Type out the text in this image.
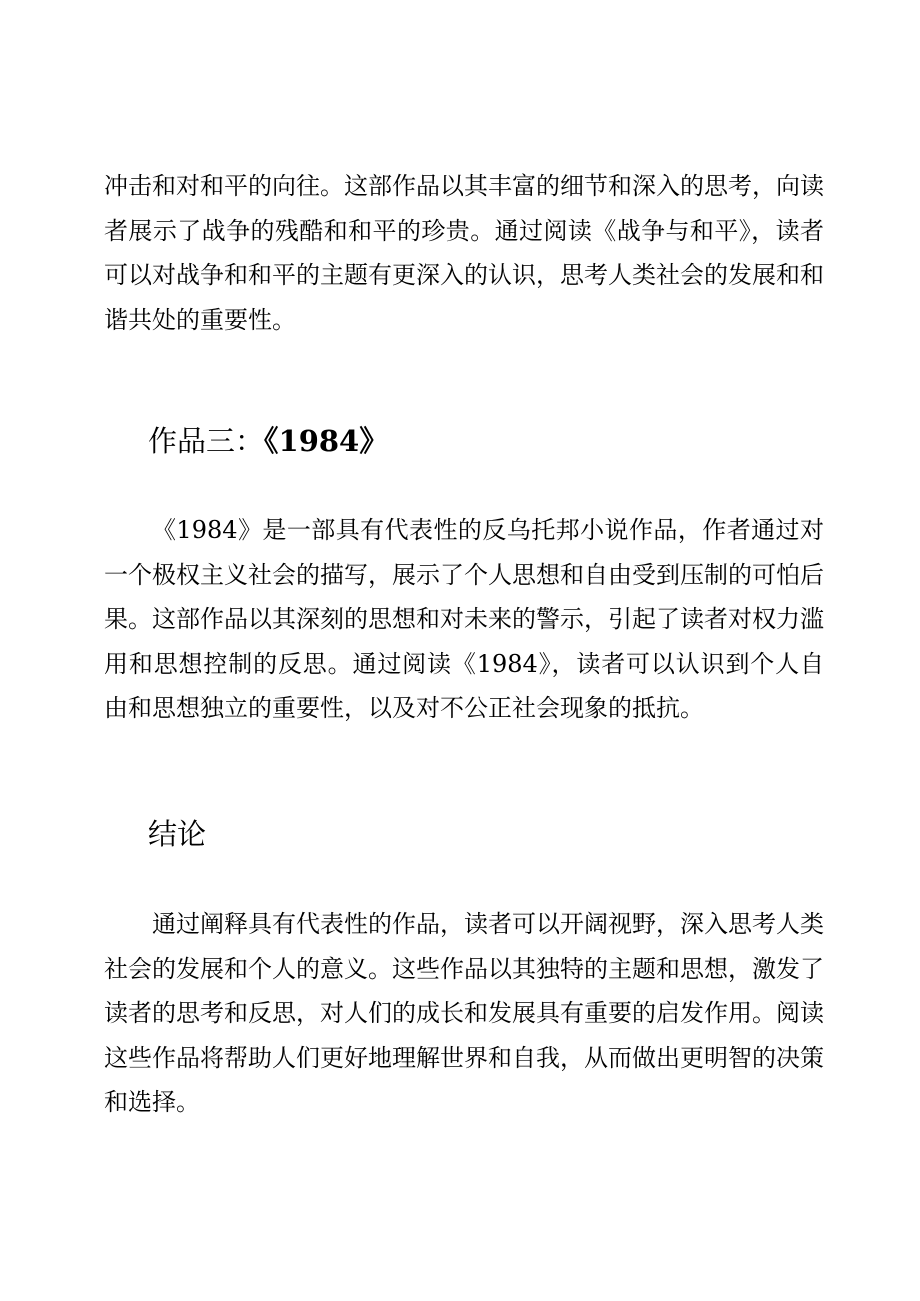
冲击和对和平的向往。这部作品以其丰富的细节和深入的思考，向读者展示了战争的残酷和和平的珍贵。通过阅读《战争与和平》，读者可以对战争和和平的主题有更深入的认识，思考人类社会的发展和和谐共处的重要性。

作品三：《1984》

《1984》是一部具有代表性的反乌托邦小说作品，作者通过对一个极权主义社会的描写，展示了个人思想和自由受到压制的可怕后果。这部作品以其深刻的思想和对未来的警示，引起了读者对权力滥用和思想控制的反思。通过阅读《1984》，读者可以认识到个人自由和思想独立的重要性，以及对不公正社会现象的抵抗。

结论

通过阐释具有代表性的作品，读者可以开阔视野，深入思考人类社会的发展和个人的意义。这些作品以其独特的主题和思想，激发了读者的思考和反思，对人们的成长和发展具有重要的启发作用。阅读这些作品将帮助人们更好地理解世界和自我，从而做出更明智的决策和选择。
